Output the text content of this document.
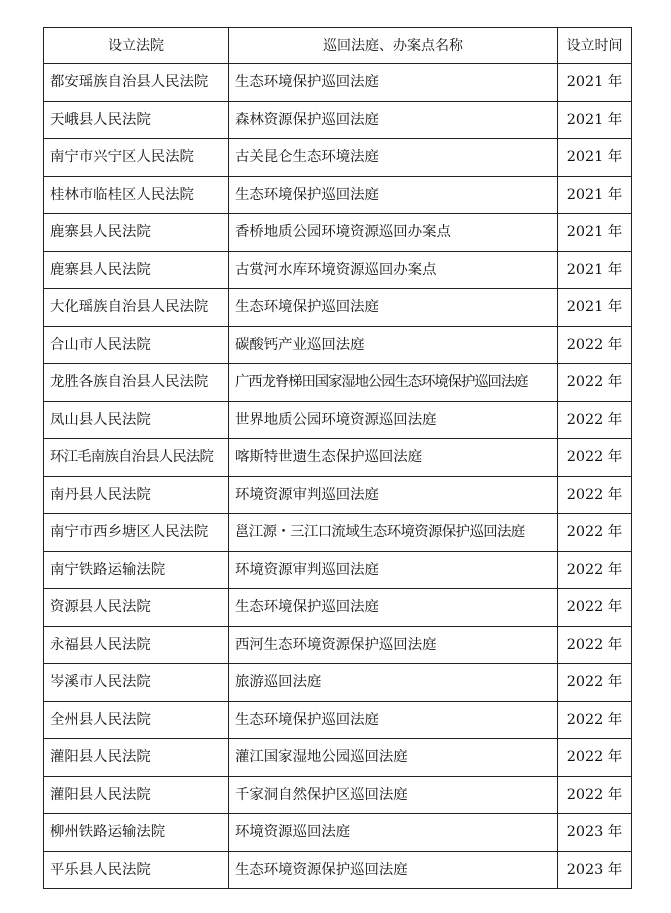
设立法院	巡回法庭、办案点名称	设立时间
都安瑶族自治县人民法院	生态环境保护巡回法庭	2021 年
天峨县人民法院	森林资源保护巡回法庭	2021 年
南宁市兴宁区人民法院	古关昆仑生态环境法庭	2021 年
桂林市临桂区人民法院	生态环境保护巡回法庭	2021 年
鹿寨县人民法院	香桥地质公园环境资源巡回办案点	2021 年
鹿寨县人民法院	古赏河水库环境资源巡回办案点	2021 年
大化瑶族自治县人民法院	生态环境保护巡回法庭	2021 年
合山市人民法院	碳酸钙产业巡回法庭	2022 年
龙胜各族自治县人民法院	广西龙脊梯田国家湿地公园生态环境保护巡回法庭	2022 年
凤山县人民法院	世界地质公园环境资源巡回法庭	2022 年
环江毛南族自治县人民法院	喀斯特世遗生态保护巡回法庭	2022 年
南丹县人民法院	环境资源审判巡回法庭	2022 年
南宁市西乡塘区人民法院	邕江源・三江口流域生态环境资源保护巡回法庭	2022 年
南宁铁路运输法院	环境资源审判巡回法庭	2022 年
资源县人民法院	生态环境保护巡回法庭	2022 年
永福县人民法院	西河生态环境资源保护巡回法庭	2022 年
岑溪市人民法院	旅游巡回法庭	2022 年
全州县人民法院	生态环境保护巡回法庭	2022 年
灌阳县人民法院	灌江国家湿地公园巡回法庭	2022 年
灌阳县人民法院	千家洞自然保护区巡回法庭	2022 年
柳州铁路运输法院	环境资源巡回法庭	2023 年
平乐县人民法院	生态环境资源保护巡回法庭	2023 年
